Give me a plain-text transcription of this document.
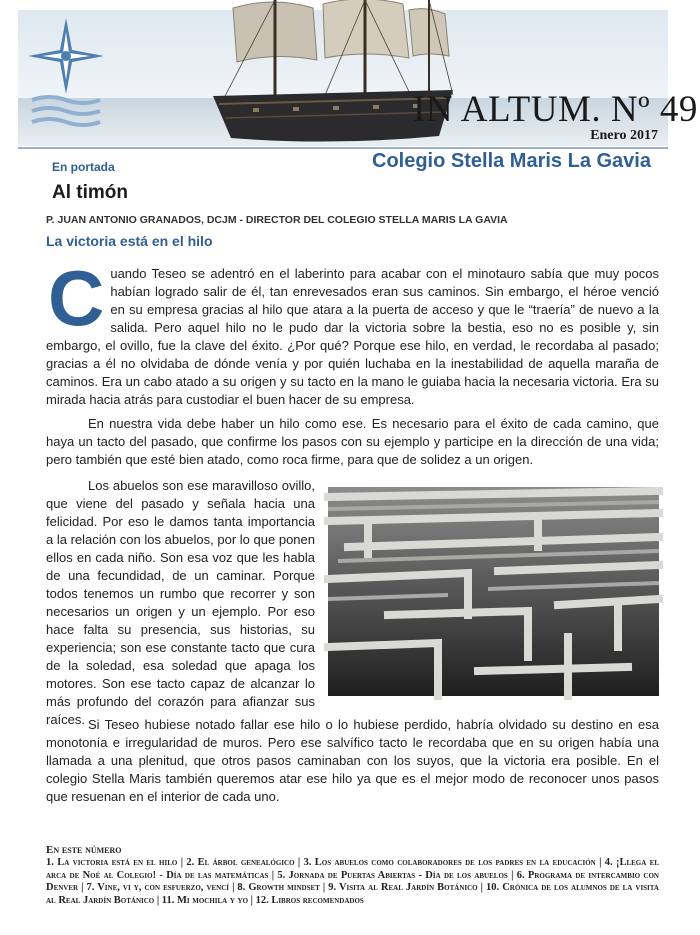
IN ALTUM. Nº 49
Enero 2017
En portada
Al timón
Colegio Stella Maris La Gavia
P. JUAN ANTONIO GRANADOS, DCJM - DIRECTOR DEL COLEGIO STELLA MARIS LA GAVIA
La victoria está en el hilo
Cuando Teseo se adentró en el laberinto para acabar con el minotauro sabía que muy pocos habían logrado salir de él, tan enrevesados eran sus caminos. Sin embargo, el héroe venció en su empresa gracias al hilo que atara a la puerta de acceso y que le “traería” de nuevo a la salida. Pero aquel hilo no le pudo dar la victoria sobre la bestia, eso no es posible y, sin embargo, el ovillo, fue la clave del éxito. ¿Por qué? Porque ese hilo, en verdad, le recordaba al pasado; gracias a él no olvidaba de dónde venía y por quién luchaba en la inestabilidad de aquella maraña de caminos. Era un cabo atado a su origen y su tacto en la mano le guiaba hacia la necesaria victoria. Era su mirada hacia atrás para custodiar el buen hacer de su empresa.

En nuestra vida debe haber un hilo como ese. Es necesario para el éxito de cada camino, que haya un tacto del pasado, que confirme los pasos con su ejemplo y participe en la dirección de una vida; pero también que esté bien atado, como roca firme, para que de solidez a un origen.

Los abuelos son ese maravilloso ovillo, que viene del pasado y señala hacia una felicidad. Por eso le damos tanta importancia a la relación con los abuelos, por lo que ponen ellos en cada niño. Son esa voz que les habla de una fecundidad, de un caminar. Porque todos tenemos un rumbo que recorrer y son necesarios un origen y un ejemplo. Por eso hace falta su presencia, sus historias, su experiencia; son ese constante tacto que cura de la soledad, esa soledad que apaga los motores. Son ese tacto capaz de alcanzar lo más profundo del corazón para afianzar sus raíces. Si Teseo hubiese notado fallar ese hilo o lo hubiese perdido, habría olvidado su destino en esa monotonía e irregularidad de muros. Pero ese salvífico tacto le recordaba que en su origen había una llamada a una plenitud, que otros pasos caminaban con los suyos, que la victoria era posible. En el colegio Stella Maris también queremos atar ese hilo ya que es el mejor modo de reconocer unos pasos que resuenan en el interior de cada uno.

En este número
1. La victoria está en el hilo | 2. El árbol genealógico | 3. Los abuelos como colaboradores de los padres en la educación | 4. ¡Llega el arca de Noé al Colegio! - Día de las matemáticas | 5. Jornada de Puertas Abiertas - Día de los abuelos | 6. Programa de intercambio con Denver | 7. Vine, vi y, con esfuerzo, vencí | 8. Growth mindset | 9. Visita al Real Jardín Botánico | 10. Crónica de los alumnos de la visita al Real Jardín Botánico | 11. Mi mochila y yo | 12. Libros recomendados
